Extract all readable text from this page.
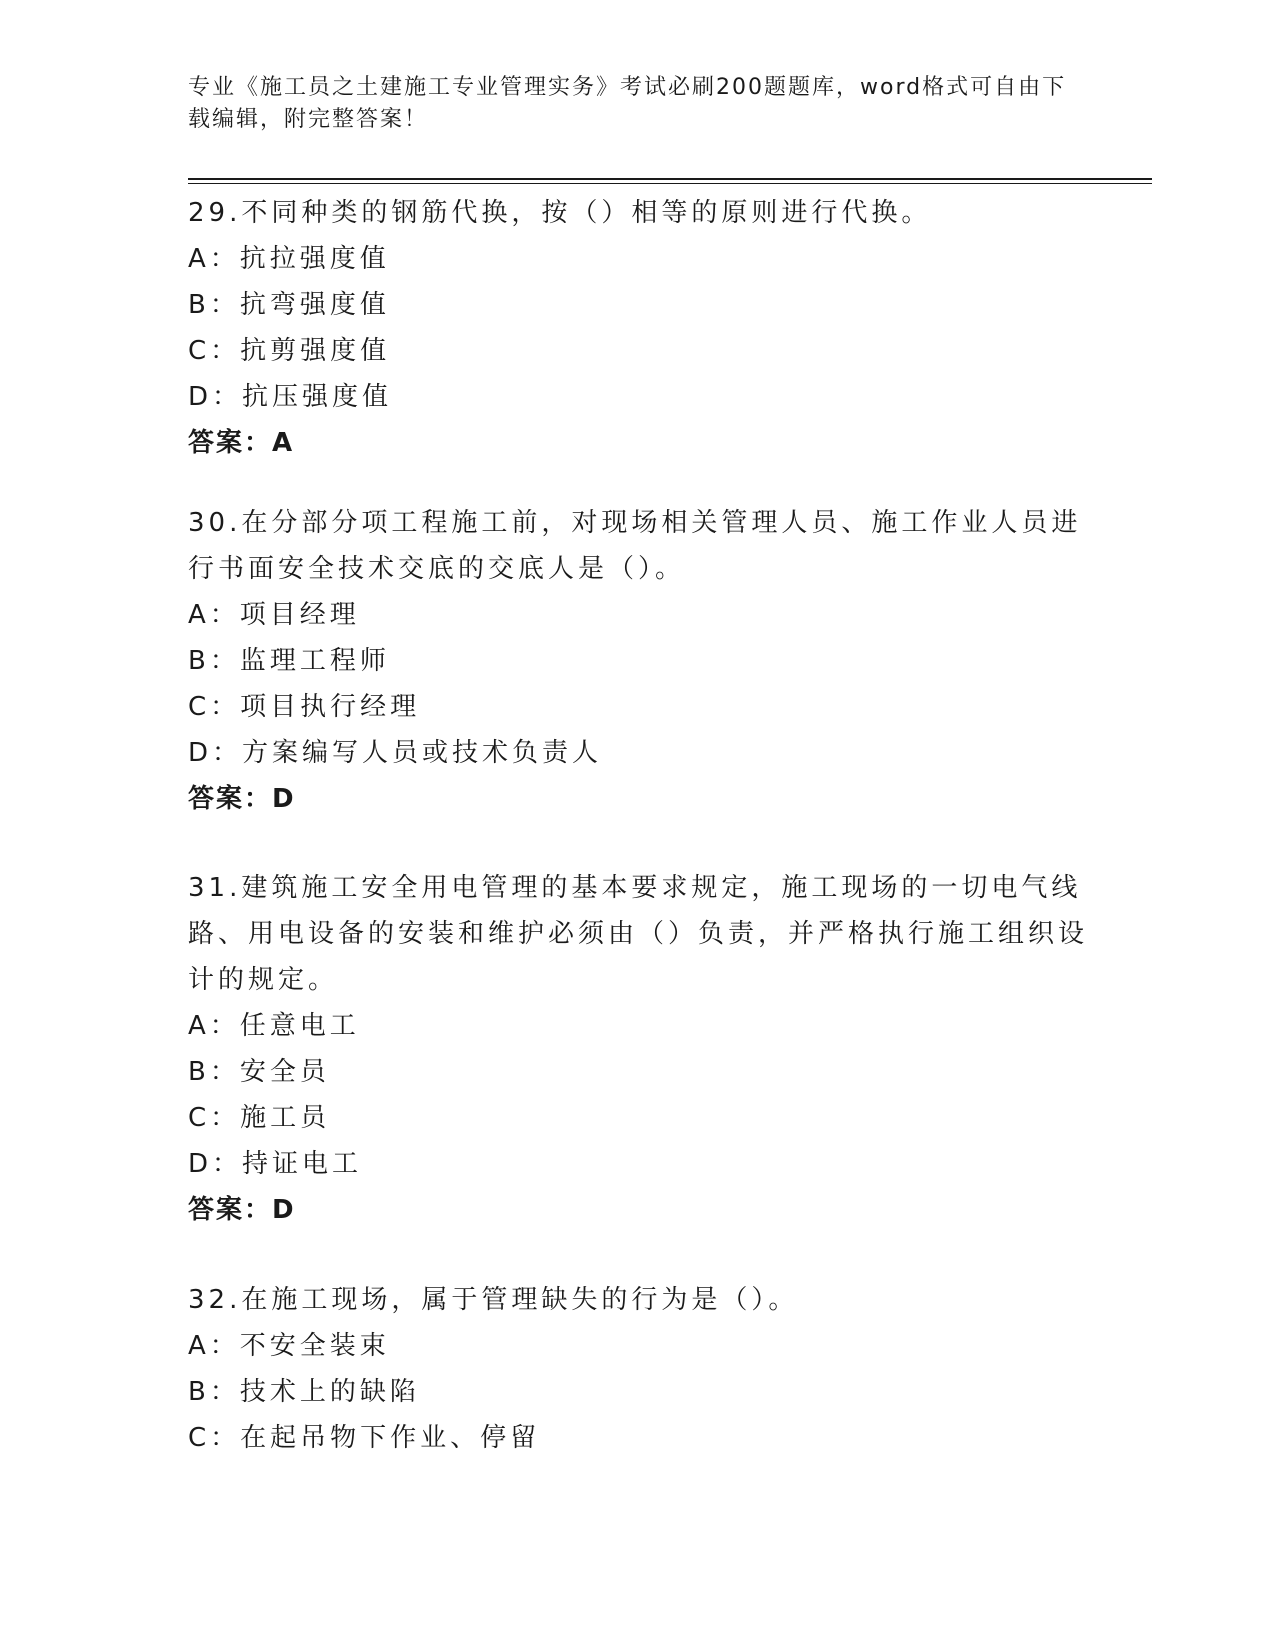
专业《施工员之土建施工专业管理实务》考试必刷200题题库，word格式可自由下载编辑，附完整答案！

29.不同种类的钢筋代换，按（）相等的原则进行代换。

A：抗拉强度值

B：抗弯强度值

C：抗剪强度值

D：抗压强度值

答案：A

30.在分部分项工程施工前，对现场相关管理人员、施工作业人员进行书面安全技术交底的交底人是（）。

A：项目经理

B：监理工程师

C：项目执行经理

D：方案编写人员或技术负责人

答案：D

31.建筑施工安全用电管理的基本要求规定，施工现场的一切电气线路、用电设备的安装和维护必须由（）负责，并严格执行施工组织设计的规定。

A：任意电工

B：安全员

C：施工员

D：持证电工

答案：D

32.在施工现场，属于管理缺失的行为是（）。

A：不安全装束

B：技术上的缺陷

C：在起吊物下作业、停留
